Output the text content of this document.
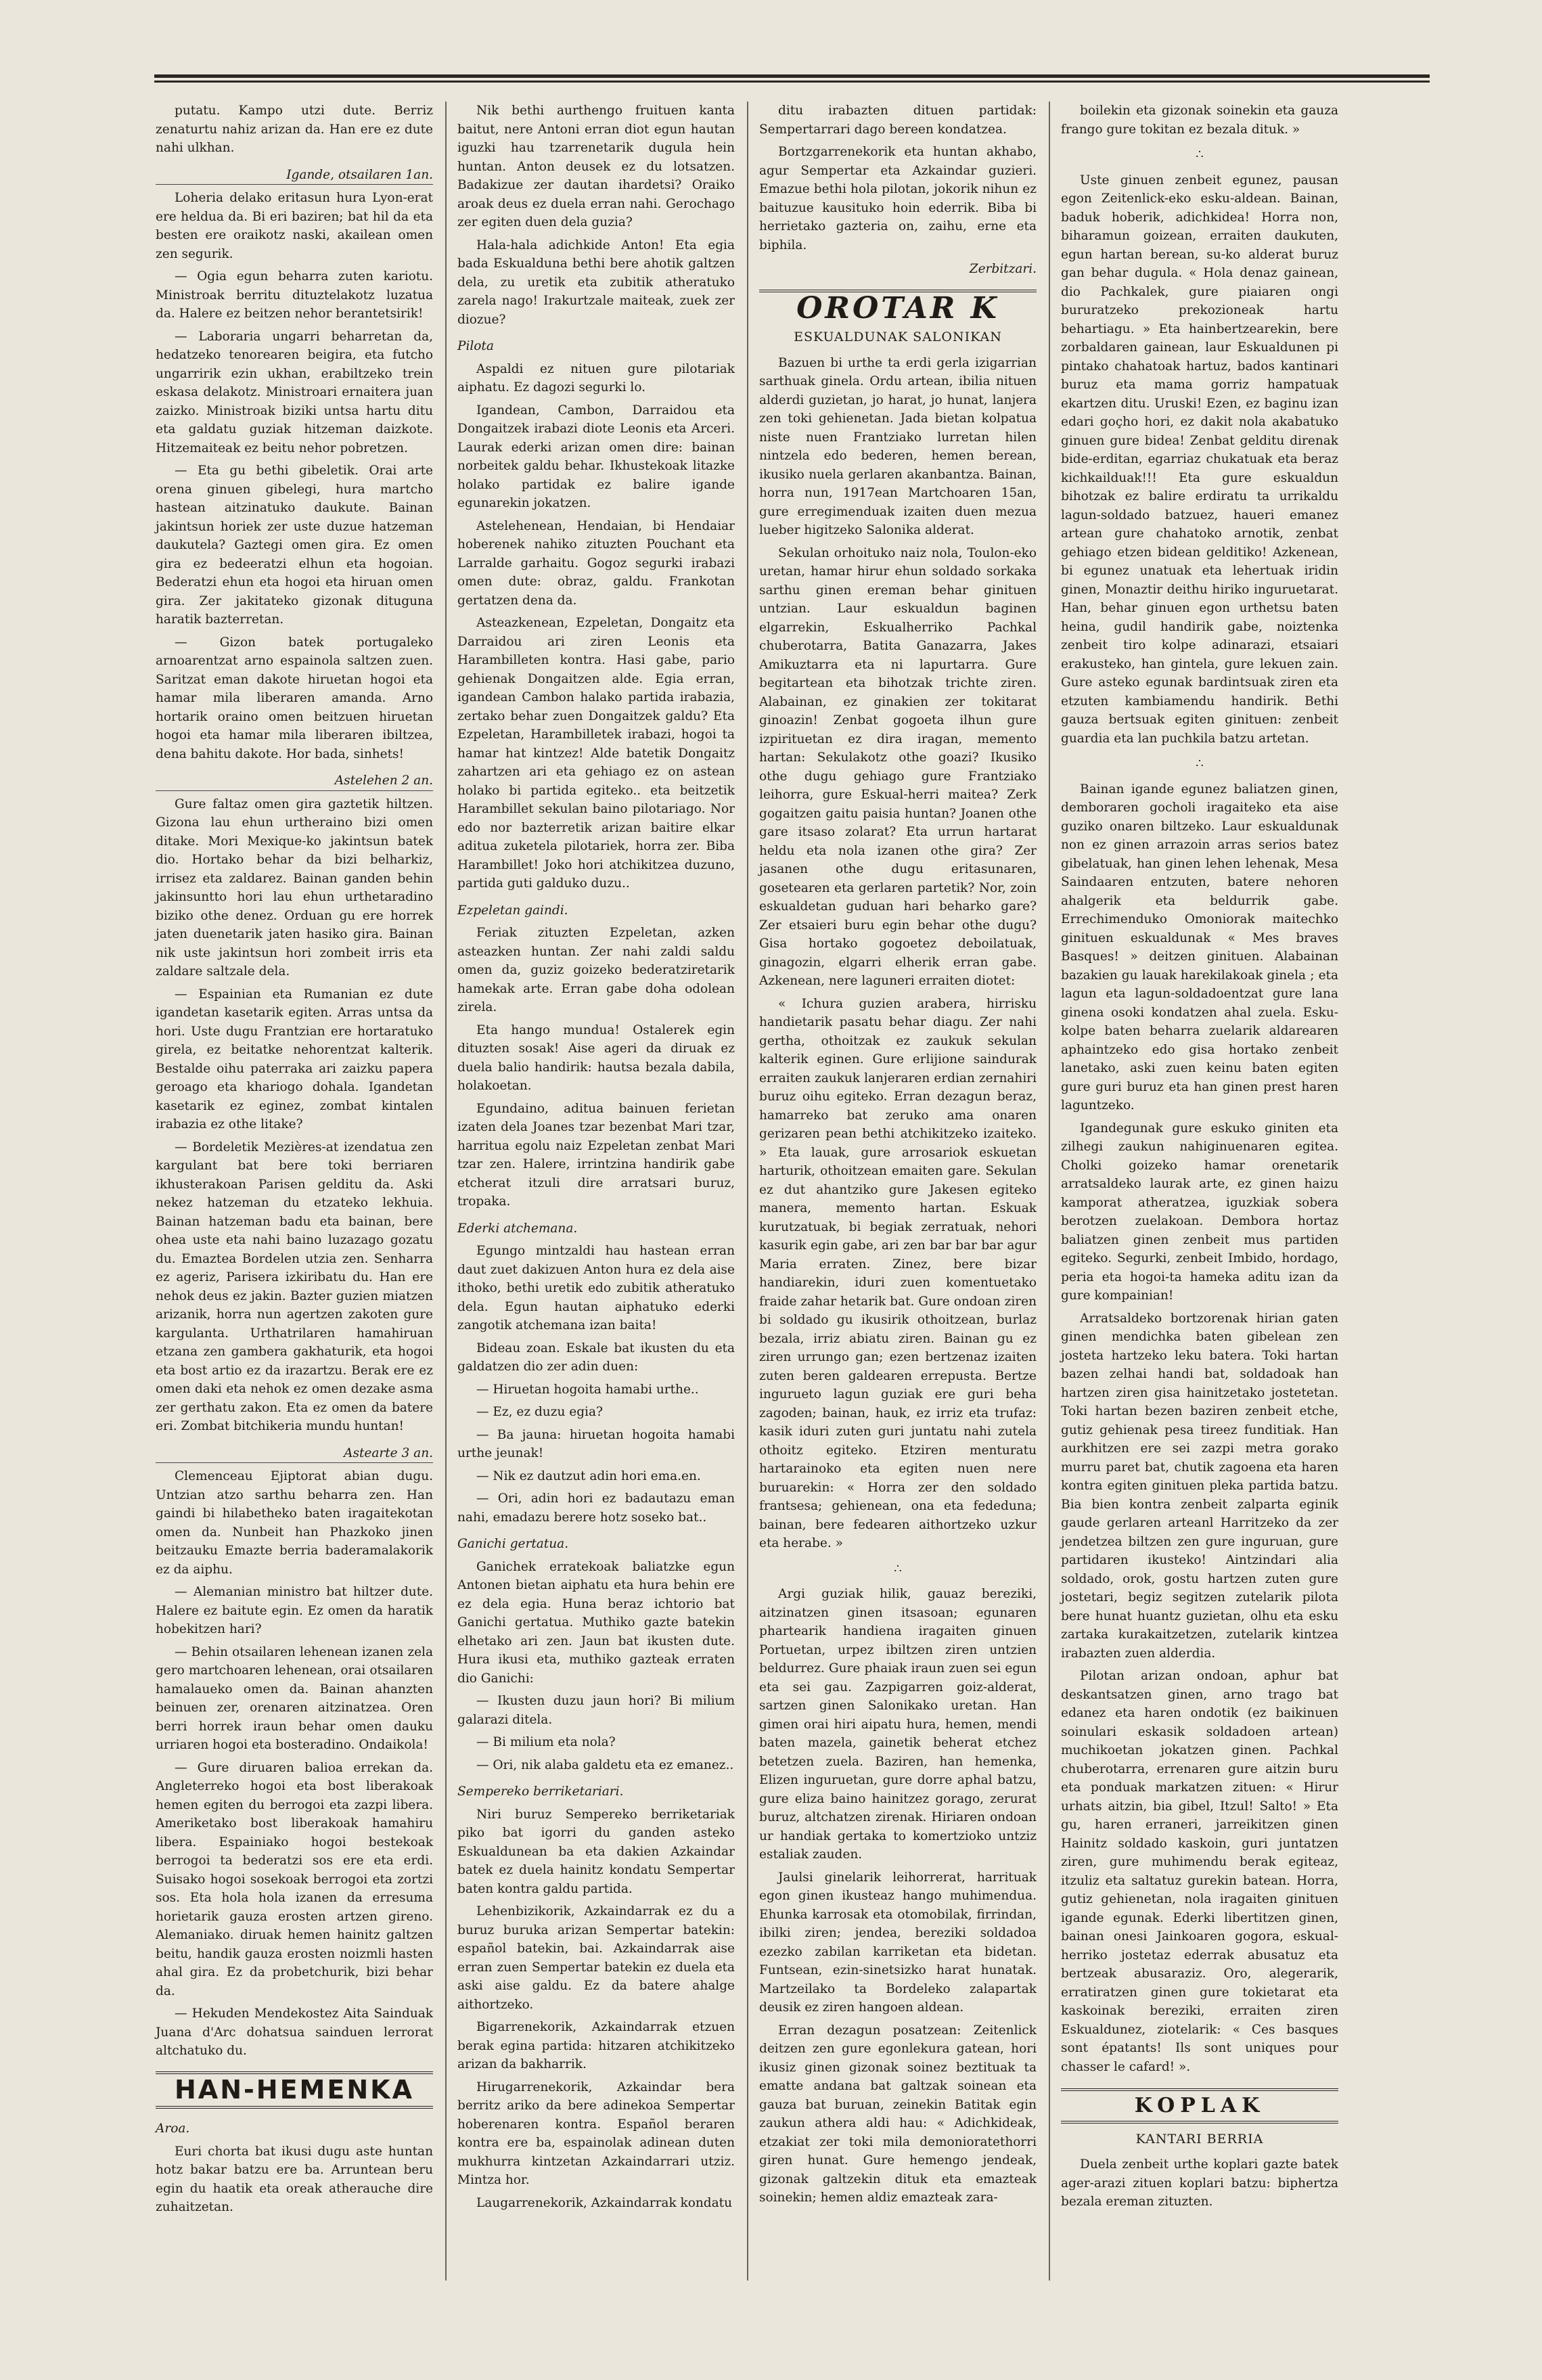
putatu. Kampo utzi dute. Berriz zenaturtu nahiz arizan da. Han ere ez dute nahi ulkhan.

Igande, otsailaren 1an.

Loheria delako eritasun hura Lyon-erat ere heldua da. Bi eri baziren; bat hil da eta besten ere oraikotz naski, akailean omen zen segurik.

— Ogia egun beharra zuten kariotu. Ministroak berritu dituztelakotz luzatua da. Halere ez beitzen nehor berantetsirik!

— Laboraria ungarri beharretan da, hedatzeko tenorearen beigira, eta futcho ungarririk ezin ukhan, erabiltzeko trein eskasa delakotz. Ministroari ernaitera juan zaizko. Ministroak biziki untsa hartu ditu eta galdatu guziak hitzeman daizkote. Hitzemaiteak ez beitu nehor pobretzen.

— Eta gu bethi gibeletik. Orai arte orena ginuen gibelegi, hura martcho hastean aitzinatuko daukute. Bainan jakintsun horiek zer uste duzue hatzeman daukutela? Gaztegi omen gira. Ez omen gira ez bedeeratzi elhun eta hogoian. Bederatzi ehun eta hogoi eta hiruan omen gira. Zer jakitateko gizonak dituguna haratik bazterretan.

— Gizon batek portugaleko arnoarentzat arno espainola saltzen zuen. Saritzat eman dakote hiruetan hogoi eta hamar mila liberaren amanda. Arno hortarik oraino omen beitzuen hiruetan hogoi eta hamar mila liberaren ibiltzea, dena bahitu dakote. Hor bada, sinhets!

Astelehen 2 an.

Gure faltaz omen gira gaztetik hiltzen. Gizona lau ehun urtheraino bizi omen ditake. Mori Mexique-ko jakintsun batek dio. Hortako behar da bizi belharkiz, irrisez eta zaldarez. Bainan ganden behin jakinsuntto hori lau ehun urthetaradino biziko othe denez. Orduan gu ere horrek jaten duenetarik jaten hasiko gira. Bainan nik uste jakintsun hori zombeit irris eta zaldare saltzale dela.

— Espainian eta Rumanian ez dute igandetan kasetarik egiten. Arras untsa da hori. Uste dugu Frantzian ere hortaratuko girela, ez beitatke nehorentzat kalterik. Bestalde oihu paterraka ari zaizku papera geroago eta khariogo dohala. Igandetan kasetarik ez eginez, zombat kintalen irabazia ez othe litake?

— Bordeletik Mezières-at izendatua zen kargulant bat bere toki berriaren ikhusterakoan Parisen gelditu da. Aski nekez hatzeman du etzateko lekhuia. Bainan hatzeman badu eta bainan, bere ohea uste eta nahi baino luzazago gozatu du. Emaztea Bordelen utzia zen. Senharra ez ageriz, Parisera izkiribatu du. Han ere nehok deus ez jakin. Bazter guzien miatzen arizanik, horra nun agertzen zakoten gure kargulanta. Urthatrilaren hamahiruan etzana zen gambera gakhaturik, eta hogoi eta bost artio ez da irazartzu. Berak ere ez omen daki eta nehok ez omen dezake asma zer gerthatu zakon. Eta ez omen da batere eri. Zombat bitchikeria mundu huntan!

Astearte 3 an.

Clemenceau Ejiptorat abian dugu. Untzian atzo sarthu beharra zen. Han gaindi bi hilabetheko baten iragaitekotan omen da. Nunbeit han Phazkoko jinen beitzauku Emazte berria baderamalakorik ez da aiphu.

— Alemanian ministro bat hiltzer dute. Halere ez baitute egin. Ez omen da haratik hobekitzen hari?

— Behin otsailaren lehenean izanen zela gero martchoaren lehenean, orai otsailaren hamalaueko omen da. Bainan ahanzten beinuen zer, orenaren aitzinatzea. Oren berri horrek iraun behar omen dauku urriaren hogoi eta bosteradino. Ondaikola!

— Gure diruaren balioa errekan da. Angleterreko hogoi eta bost liberakoak hemen egiten du berrogoi eta zazpi libera. Ameriketako bost liberakoak hamahiru libera. Espainiako hogoi bestekoak berrogoi ta bederatzi sos ere eta erdi. Suisako hogoi sosekoak berrogoi eta zortzi sos. Eta hola hola izanen da erresuma horietarik gauza erosten artzen gireno. Alemaniako. diruak hemen hainitz galtzen beitu, handik gauza erosten noizmli hasten ahal gira. Ez da probetchurik, bizi behar da.

— Hekuden Mendekostez Aita Sainduak Juana d'Arc dohatsua sainduen lerrorat altchatuko du.

HAN-HEMENKA

Aroa.

Euri chorta bat ikusi dugu aste huntan hotz bakar batzu ere ba. Arruntean beru egin du haatik eta oreak atherauche dire zuhaitzetan.

Nik bethi aurthengo fruituen kanta baitut, nere Antoni erran diot egun hautan iguzki hau tzarrenetarik dugula hein huntan. Anton deusek ez du lotsatzen. Badakizue zer dautan ihardetsi? Oraiko aroak deus ez duela erran nahi. Gerochago zer egiten duen dela guzia?

Hala-hala adichkide Anton! Eta egia bada Eskualduna bethi bere ahotik galtzen dela, zu uretik eta zubitik atheratuko zarela nago! Irakurtzale maiteak, zuek zer diozue?

Pilota

Aspaldi ez nituen gure pilotariak aiphatu. Ez dagozi segurki lo.

Igandean, Cambon, Darraidou eta Dongaitzek irabazi diote Leonis eta Arceri. Laurak ederki arizan omen dire: bainan norbeitek galdu behar. Ikhustekoak litazke holako partidak ez balire igande egunarekin jokatzen.

Astelehenean, Hendaian, bi Hendaiar hoberenek nahiko zituzten Pouchant eta Larralde garhaitu. Gogoz segurki irabazi omen dute: obraz, galdu. Frankotan gertatzen dena da.

Asteazkenean, Ezpeletan, Dongaitz eta Darraidou ari ziren Leonis eta Harambilleten kontra. Hasi gabe, pario gehienak Dongaitzen alde. Egia erran, igandean Cambon halako partida irabazia, zertako behar zuen Dongaitzek galdu? Eta Ezpeletan, Harambilletek irabazi, hogoi ta hamar hat kintzez! Alde batetik Dongaitz zahartzen ari eta gehiago ez on astean holako bi partida egiteko.. eta beitzetik Harambillet sekulan baino pilotariago. Nor edo nor bazterretik arizan baitire elkar aditua zuketela pilotariek, horra zer. Biba Harambillet! Joko hori atchikitzea duzuno, partida guti galduko duzu..

Ezpeletan gaindi.

Feriak zituzten Ezpeletan, azken asteazken huntan. Zer nahi zaldi saldu omen da, guziz goizeko bederatziretarik hamekak arte. Erran gabe doha odolean zirela.

Eta hango mundua! Ostalerek egin dituzten sosak! Aise ageri da diruak ez duela balio handirik: hautsa bezala dabila, holakoetan.

Egundaino, aditua bainuen ferietan izaten dela Joanes tzar bezenbat Mari tzar, harritua egolu naiz Ezpeletan zenbat Mari tzar zen. Halere, irrintzina handirik gabe etcherat itzuli dire arratsari buruz, tropaka.

Ederki atchemana.

Egungo mintzaldi hau hastean erran daut zuet dakizuen Anton hura ez dela aise ithoko, bethi uretik edo zubitik atheratuko dela. Egun hautan aiphatuko ederki zangotik atchemana izan baita!

Bideau zoan. Eskale bat ikusten du eta galdatzen dio zer adin duen:

— Hiruetan hogoita hamabi urthe..

— Ez, ez duzu egia?

— Ba jauna: hiruetan hogoita hamabi urthe jeunak!

— Nik ez dautzut adin hori ema.en.

— Ori, adin hori ez badautazu eman nahi, emadazu berere hotz soseko bat..

Ganichi gertatua.

Ganichek erratekoak baliatzke egun Antonen bietan aiphatu eta hura behin ere ez dela egia. Huna beraz ichtorio bat Ganichi gertatua. Muthiko gazte batekin elhetako ari zen. Jaun bat ikusten dute. Hura ikusi eta, muthiko gazteak erraten dio Ganichi:

— Ikusten duzu jaun hori? Bi milium galarazi ditela.

— Bi milium eta nola?

— Ori, nik alaba galdetu eta ez emanez..

Sempereko berriketariari.

Niri buruz Sempereko berriketariak piko bat igorri du ganden asteko Eskualdunean ba eta dakien Azkaindar batek ez duela hainitz kondatu Sempertar baten kontra galdu partida.

Lehenbizikorik, Azkaindarrak ez du a buruz buruka arizan Sempertar batekin: español batekin, bai. Azkaindarrak aise erran zuen Sempertar batekin ez duela eta aski aise galdu. Ez da batere ahalge aithortzeko.

Bigarrenekorik, Azkaindarrak etzuen berak egina partida: hitzaren atchikitzeko arizan da bakharrik.

Hirugarrenekorik, Azkaindar bera berritz ariko da bere adinekoa Sempertar hoberenaren kontra. Español beraren kontra ere ba, espainolak adinean duten mukhurra kintzetan Azkaindarrari utziz. Mintza hor.

Laugarrenekorik, Azkaindarrak kondatu

ditu irabazten dituen partidak: Sempertarrari dago bereen kondatzea.

Bortzgarrenekorik eta huntan akhabo, agur Sempertar eta Azkaindar guzieri. Emazue bethi hola pilotan, jokorik nihun ez baituzue kausituko hoin ederrik. Biba bi herrietako gazteria on, zaihu, erne eta biphila.

Zerbitzari.
OROTAR K
ESKUALDUNAK SALONIKAN

Bazuen bi urthe ta erdi gerla izigarrian sarthuak ginela. Ordu artean, ibilia nituen alderdi guzietan, jo harat, jo hunat, lanjera zen toki gehienetan. Jada bietan kolpatua niste nuen Frantziako lurretan hilen nintzela edo bederen, hemen berean, ikusiko nuela gerlaren akanbantza. Bainan, horra nun, 1917ean Martchoaren 15an, gure erregimenduak izaiten duen mezua lueber higitzeko Salonika alderat.

Sekulan orhoituko naiz nola, Toulon-eko uretan, hamar hirur ehun soldado sorkaka sarthu ginen ereman behar ginituen untzian. Laur eskualdun baginen elgarrekin, Eskualherriko Pachkal chuberotarra, Batita Ganazarra, Jakes Amikuztarra eta ni lapurtarra. Gure begitartean eta bihotzak trichte ziren. Alabainan, ez ginakien zer tokitarat ginoazin! Zenbat gogoeta ilhun gure izpirituetan ez dira iragan, memento hartan: Sekulakotz othe goazi? Ikusiko othe dugu gehiago gure Frantziako leihorra, gure Eskual-herri maitea? Zerk gogaitzen gaitu paisia huntan? Joanen othe gare itsaso zolarat? Eta urrun hartarat heldu eta nola izanen othe gira? Zer jasanen othe dugu eritasunaren, gosetearen eta gerlaren partetik? Nor, zoin eskualdetan guduan hari beharko gare? Zer etsaieri buru egin behar othe dugu? Gisa hortako gogoetez deboilatuak, ginagozin, elgarri elherik erran gabe. Azkenean, nere laguneri erraiten diotet:

« Ichura guzien arabera, hirrisku handietarik pasatu behar diagu. Zer nahi gertha, othoitzak ez zaukuk sekulan kalterik eginen. Gure erlijione saindurak erraiten zaukuk lanjeraren erdian zernahiri buruz oihu egiteko. Erran dezagun beraz, hamarreko bat zeruko ama onaren gerizaren pean bethi atchikitzeko izaiteko. » Eta lauak, gure arrosariok eskuetan harturik, othoitzean emaiten gare. Sekulan ez dut ahantziko gure Jakesen egiteko manera, memento hartan. Eskuak kurutzatuak, bi begiak zerratuak, nehori kasurik egin gabe, ari zen bar bar bar agur Maria erraten. Zinez, bere bizar handiarekin, iduri zuen komentuetako fraide zahar hetarik bat. Gure ondoan ziren bi soldado gu ikusirik othoitzean, burlaz bezala, irriz abiatu ziren. Bainan gu ez ziren urrungo gan; ezen bertzenaz izaiten zuten beren galdearen errepusta. Bertze ingurueto lagun guziak ere guri beha zagoden; bainan, hauk, ez irriz eta trufaz: kasik iduri zuten guri juntatu nahi zutela othoitz egiteko. Etziren menturatu hartarainoko eta egiten nuen nere buruarekin: « Horra zer den soldado frantsesa; gehienean, ona eta fededuna; bainan, bere fedearen aithortzeko uzkur eta herabe. »

∴

Argi guziak hilik, gauaz bereziki, aitzinatzen ginen itsasoan; egunaren phartearik handiena iragaiten ginuen Portuetan, urpez ibiltzen ziren untzien beldurrez. Gure phaiak iraun zuen sei egun eta sei gau. Zazpigarren goiz-alderat, sartzen ginen Salonikako uretan. Han gimen orai hiri aipatu hura, hemen, mendi baten mazela, gainetik beherat etchez betetzen zuela. Baziren, han hemenka, Elizen inguruetan, gure dorre aphal batzu, gure eliza baino hainitzez gorago, zerurat buruz, altchatzen zirenak. Hiriaren ondoan ur handiak gertaka to komertzioko untziz estaliak zauden.

Jaulsi ginelarik leihorrerat, harrituak egon ginen ikusteaz hango muhimendua. Ehunka karrosak eta otomobilak, firrindan, ibilki ziren; jendea, bereziki soldadoa ezezko zabilan karriketan eta bidetan. Funtsean, ezin-sinetsizko harat hunatak. Martzeilako ta Bordeleko zalapartak deusik ez ziren hangoen aldean.

Erran dezagun posatzean: Zeitenlick deitzen zen gure egonlekura gatean, hori ikusiz ginen gizonak soinez beztituak ta ematte andana bat galtzak soinean eta gauza bat buruan, zeinekin Batitak egin zaukun athera aldi hau: « Adichkideak, etzakiat zer toki mila demonioratethorri giren hunat. Gure hemengo jendeak, gizonak galtzekin dituk eta emazteak soinekin; hemen aldiz emazteak zara-

boilekin eta gizonak soinekin eta gauza frango gure tokitan ez bezala dituk. »

∴

Uste ginuen zenbeit egunez, pausan egon Zeitenlick-eko esku-aldean. Bainan, baduk hoberik, adichkidea! Horra non, biharamun goizean, erraiten daukuten, egun hartan berean, su-ko alderat buruz gan behar dugula. « Hola denaz gainean, dio Pachkalek, gure piaiaren ongi bururatzeko prekozioneak hartu behartiagu. » Eta hainbertzearekin, bere zorbaldaren gainean, laur Eskualdunen pi pintako chahatoak hartuz, bados kantinari buruz eta mama gorriz hampatuak ekartzen ditu. Uruski! Ezen, ez baginu izan edari goçho hori, ez dakit nola akabatuko ginuen gure bidea! Zenbat gelditu direnak bide-erditan, egarriaz chukatuak eta beraz kichkailduak!!! Eta gure eskualdun bihotzak ez balire erdiratu ta urrikaldu lagun-soldado batzuez, haueri emanez artean gure chahatoko arnotik, zenbat gehiago etzen bidean gelditiko! Azkenean, bi egunez unatuak eta lehertuak iridin ginen, Monaztir deithu hiriko inguruetarat. Han, behar ginuen egon urthetsu baten heina, gudil handirik gabe, noiztenka zenbeit tiro kolpe adinarazi, etsaiari erakusteko, han gintela, gure lekuen zain. Gure asteko egunak bardintsuak ziren eta etzuten kambiamendu handirik. Bethi gauza bertsuak egiten ginituen: zenbeit guardia eta lan puchkila batzu artetan.

∴

Bainan igande egunez baliatzen ginen, demboraren gocholi iragaiteko eta aise guziko onaren biltzeko. Laur eskualdunak non ez ginen arrazoin arras serios batez gibelatuak, han ginen lehen lehenak, Mesa Saindaaren entzuten, batere nehoren ahalgerik eta beldurrik gabe. Errechimenduko Omoniorak maitechko ginituen eskualdunak « Mes braves Basques! » deitzen ginituen. Alabainan bazakien gu lauak harekilakoak ginela ; eta lagun eta lagun-soldadoentzat gure lana ginena osoki kondatzen ahal zuela. Esku-kolpe baten beharra zuelarik aldarearen aphaintzeko edo gisa hortako zenbeit lanetako, aski zuen keinu baten egiten gure guri buruz eta han ginen prest haren laguntzeko.

Igandegunak gure eskuko giniten eta zilhegi zaukun nahiginuenaren egitea. Cholki goizeko hamar orenetarik arratsaldeko laurak arte, ez ginen haizu kamporat atheratzea, iguzkiak sobera berotzen zuelakoan. Dembora hortaz baliatzen ginen zenbeit mus partiden egiteko. Segurki, zenbeit Imbido, hordago, peria eta hogoi-ta hameka aditu izan da gure kompainian!

Arratsaldeko bortzorenak hirian gaten ginen mendichka baten gibelean zen josteta hartzeko leku batera. Toki hartan bazen zelhai handi bat, soldadoak han hartzen ziren gisa hainitzetako jostetetan. Toki hartan bezen baziren zenbeit etche, gutiz gehienak pesa tireez funditiak. Han aurkhitzen ere sei zazpi metra gorako murru paret bat, chutik zagoena eta haren kontra egiten ginituen pleka partida batzu. Bia bien kontra zenbeit zalparta eginik gaude gerlaren arteanl Harritzeko da zer jendetzea biltzen zen gure inguruan, gure partidaren ikusteko! Aintzindari alia soldado, orok, gostu hartzen zuten gure jostetari, begiz segitzen zutelarik pilota bere hunat huantz guzietan, olhu eta esku zartaka kurakaitzetzen, zutelarik kintzea irabazten zuen alderdia.

Pilotan arizan ondoan, aphur bat deskantsatzen ginen, arno trago bat edanez eta haren ondotik (ez baikinuen soinulari eskasik soldadoen artean) muchikoetan jokatzen ginen. Pachkal chuberotarra, errenaren gure aitzin buru eta ponduak markatzen zituen: « Hirur urhats aitzin, bia gibel, Itzul! Salto! » Eta gu, haren erraneri, jarreikitzen ginen Hainitz soldado kaskoin, guri juntatzen ziren, gure muhimendu berak egiteaz, itzuliz eta saltatuz gurekin batean. Horra, gutiz gehienetan, nola iragaiten ginituen igande egunak. Ederki libertitzen ginen, bainan onesi Jainkoaren gogora, eskual-herriko jostetaz ederrak abusatuz eta bertzeak abusaraziz. Oro, alegerarik, erratiratzen ginen gure tokietarat eta kaskoinak bereziki, erraiten ziren Eskualdunez, ziotelarik: « Ces basques sont épatants! Ils sont uniques pour chasser le cafard! ».

KOPLAK
KANTARI BERRIA

Duela zenbeit urthe koplari gazte batek ager-arazi zituen koplari batzu: biphertza bezala ereman zituzten.
